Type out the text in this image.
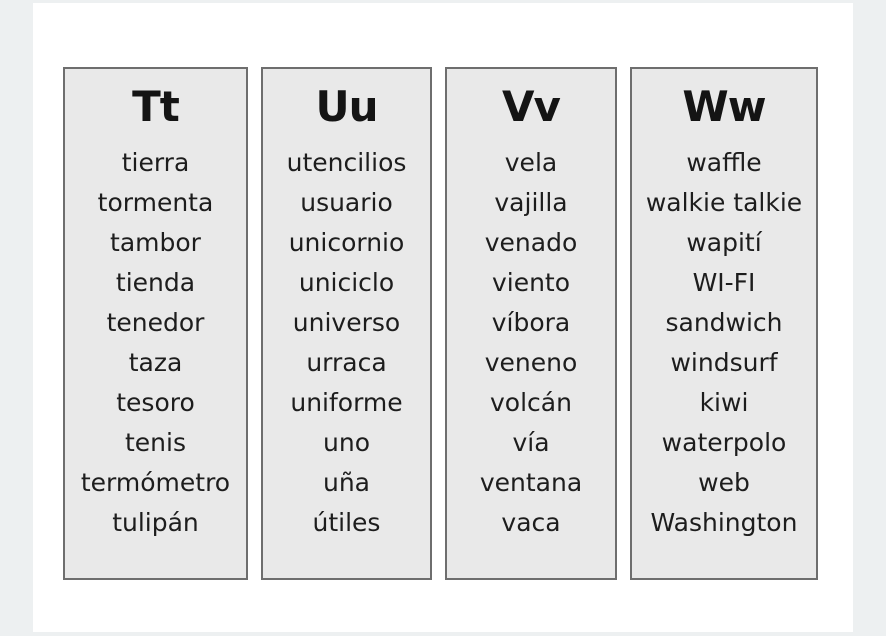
Tt
tierra
tormenta
tambor
tienda
tenedor
taza
tesoro
tenis
termómetro
tulipán
Uu
utencilios
usuario
unicornio
uniciclo
universo
urraca
uniforme
uno
uña
útiles
Vv
vela
vajilla
venado
viento
víbora
veneno
volcán
vía
ventana
vaca
Ww
waffle
walkie talkie
wapití
WI-FI
sandwich
windsurf
kiwi
waterpolo
web
Washington
